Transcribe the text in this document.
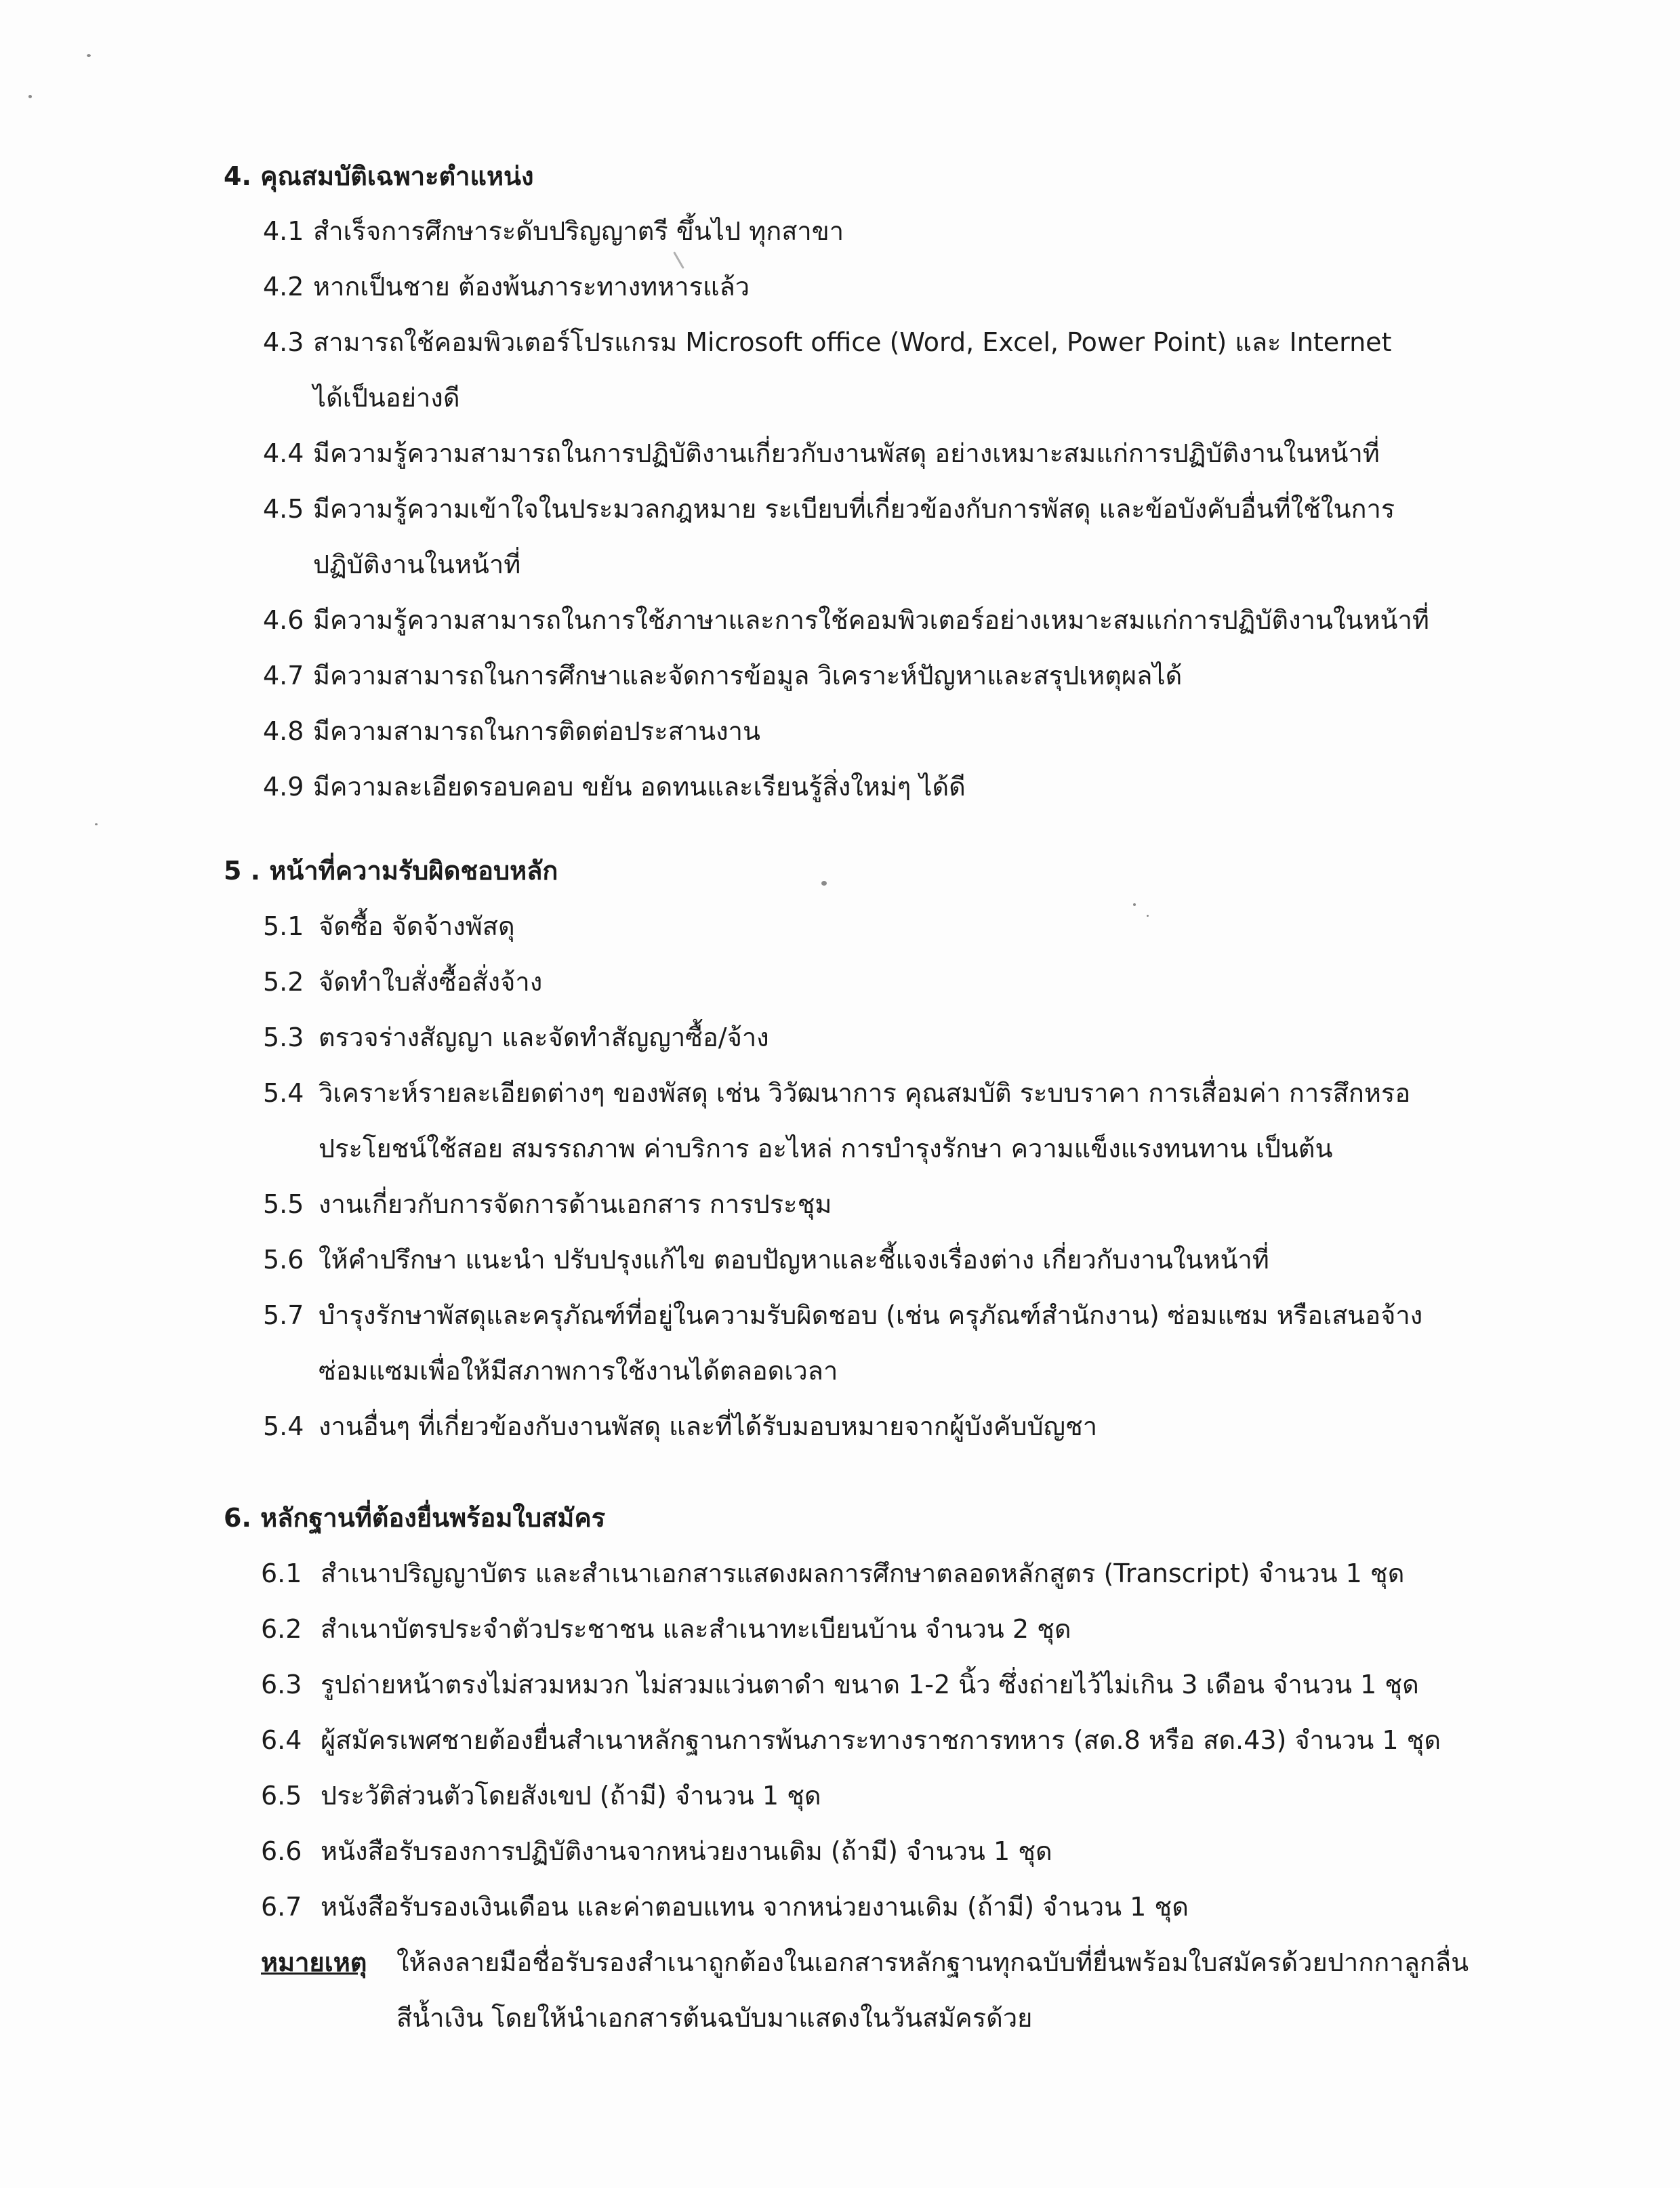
4. คุณสมบัติเฉพาะตำแหน่ง
4.1 สำเร็จการศึกษาระดับปริญญาตรี ขึ้นไป ทุกสาขา
4.2 หากเป็นชาย ต้องพ้นภาระทางทหารแล้ว
4.3 สามารถใช้คอมพิวเตอร์โปรแกรม Microsoft office (Word, Excel, Power Point) และ Internet
ได้เป็นอย่างดี
4.4 มีความรู้ความสามารถในการปฏิบัติงานเกี่ยวกับงานพัสดุ อย่างเหมาะสมแก่การปฏิบัติงานในหน้าที่
4.5 มีความรู้ความเข้าใจในประมวลกฎหมาย ระเบียบที่เกี่ยวข้องกับการพัสดุ และข้อบังคับอื่นที่ใช้ในการ
ปฏิบัติงานในหน้าที่
4.6 มีความรู้ความสามารถในการใช้ภาษาและการใช้คอมพิวเตอร์อย่างเหมาะสมแก่การปฏิบัติงานในหน้าที่
4.7 มีความสามารถในการศึกษาและจัดการข้อมูล วิเคราะห์ปัญหาและสรุปเหตุผลได้
4.8 มีความสามารถในการติดต่อประสานงาน
4.9 มีความละเอียดรอบคอบ ขยัน อดทนและเรียนรู้สิ่งใหม่ๆ ได้ดี
5 . หน้าที่ความรับผิดชอบหลัก
5.1 จัดซื้อ จัดจ้างพัสดุ
5.2 จัดทำใบสั่งซื้อสั่งจ้าง
5.3 ตรวจร่างสัญญา และจัดทำสัญญาซื้อ/จ้าง
5.4 วิเคราะห์รายละเอียดต่างๆ ของพัสดุ เช่น วิวัฒนาการ คุณสมบัติ ระบบราคา การเสื่อมค่า การสึกหรอ
ประโยชน์ใช้สอย สมรรถภาพ ค่าบริการ อะไหล่ การบำรุงรักษา ความแข็งแรงทนทาน เป็นต้น
5.5 งานเกี่ยวกับการจัดการด้านเอกสาร การประชุม
5.6 ให้คำปรึกษา แนะนำ ปรับปรุงแก้ไข ตอบปัญหาและชี้แจงเรื่องต่าง เกี่ยวกับงานในหน้าที่
5.7 บำรุงรักษาพัสดุและครุภัณฑ์ที่อยู่ในความรับผิดชอบ (เช่น ครุภัณฑ์สำนักงาน) ซ่อมแซม หรือเสนอจ้าง
ซ่อมแซมเพื่อให้มีสภาพการใช้งานได้ตลอดเวลา
5.4 งานอื่นๆ ที่เกี่ยวข้องกับงานพัสดุ และที่ได้รับมอบหมายจากผู้บังคับบัญชา
6. หลักฐานที่ต้องยื่นพร้อมใบสมัคร
6.1 สำเนาปริญญาบัตร และสำเนาเอกสารแสดงผลการศึกษาตลอดหลักสูตร (Transcript) จำนวน 1 ชุด
6.2 สำเนาบัตรประจำตัวประชาชน และสำเนาทะเบียนบ้าน จำนวน 2 ชุด
6.3 รูปถ่ายหน้าตรงไม่สวมหมวก ไม่สวมแว่นตาดำ ขนาด 1-2 นิ้ว ซึ่งถ่ายไว้ไม่เกิน 3 เดือน จำนวน 1 ชุด
6.4 ผู้สมัครเพศชายต้องยื่นสำเนาหลักฐานการพ้นภาระทางราชการทหาร (สด.8 หรือ สด.43) จำนวน 1 ชุด
6.5 ประวัติส่วนตัวโดยสังเขป (ถ้ามี) จำนวน 1 ชุด
6.6 หนังสือรับรองการปฏิบัติงานจากหน่วยงานเดิม (ถ้ามี) จำนวน 1 ชุด
6.7 หนังสือรับรองเงินเดือน และค่าตอบแทน จากหน่วยงานเดิม (ถ้ามี) จำนวน 1 ชุด
หมายเหตุ ให้ลงลายมือชื่อรับรองสำเนาถูกต้องในเอกสารหลักฐานทุกฉบับที่ยื่นพร้อมใบสมัครด้วยปากกาลูกลื่น
สีน้ำเงิน โดยให้นำเอกสารต้นฉบับมาแสดงในวันสมัครด้วย
